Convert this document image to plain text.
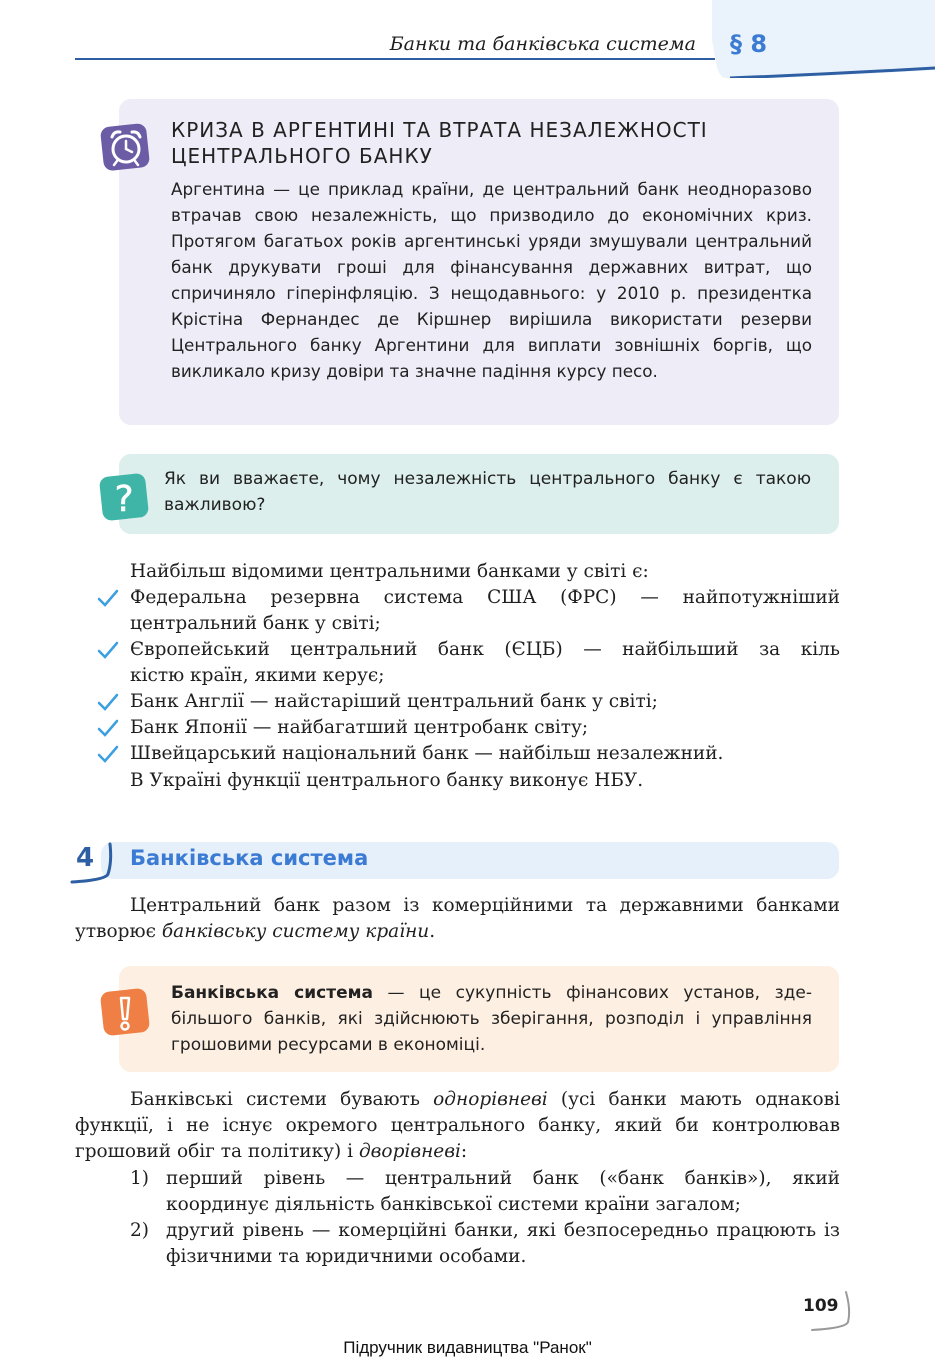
Банки та банківська система § 8
КРИЗА В АРГЕНТИНІ ТА ВТРАТА НЕЗАЛЕЖНОСТІ
ЦЕНТРАЛЬНОГО БАНКУ
Аргентина — це приклад країни, де центральний банк неодноразово втрачав свою незалежність, що призводило до економічних криз. Протягом багатьох років аргентинські уряди змушували центральний банк друкувати гроші для фінансування державних витрат, що спричиняло гіперінфляцію. З нещодавнього: у 2010 р. президентка Крістіна Фернандес де Кіршнер вирішила використати резерви Центрального банку Аргентини для виплати зовнішніх боргів, що викликало кризу довіри та значне падіння курсу песо.
? Як ви вважаєте, чому незалежність центрального банку є такою важливою?
Найбільш відомими центральними банками у світі є:
Федеральна резервна система США (ФРС) — найпотужніший
центральний банк у світі;
Європейський центральний банк (ЄЦБ) — найбільший за кіль
кістю країн, якими керує;
Банк Англії — найстаріший центральний банк у світі;
Банк Японії — найбагатший центробанк світу;
Швейцарський національний банк — найбільш незалежний.
В Україні функції центрального банку виконує НБУ.
4 Банківська система
Центральний банк разом із комерційними та державними банками утворює банківську систему країни.
Банківська система — це сукупність фінансових установ, здебільшого банків, які здійснюють зберігання, розподіл і управління грошовими ресурсами в економіці.
Банківські системи бувають однорівневі (усі банки мають однакові функції, і не існує окремого центрального банку, який би контролював грошовий обіг та політику) і дворівневі:
1) перший рівень — центральний банк («банк банків»), який координує діяльність банківської системи країни загалом;
2) другий рівень — комерційні банки, які безпосередньо працюють із фізичними та юридичними особами.
109
Підручник видавництва "Ранок"
